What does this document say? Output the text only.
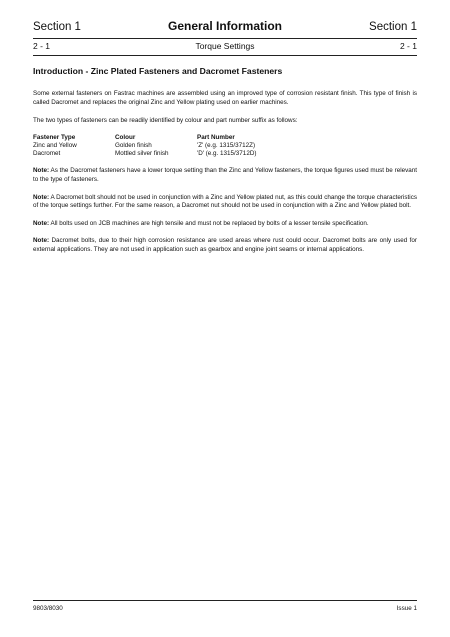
Section 1	General Information	Section 1
2 - 1	Torque Settings	2 - 1
Introduction - Zinc Plated Fasteners and Dacromet Fasteners

Some external fasteners on Fastrac machines are assembled using an improved type of corrosion resistant finish. This type of finish is called Dacromet and replaces the original Zinc and Yellow plating used on earlier machines.

The two types of fasteners can be readily identified by colour and part number suffix as follows:

Fastener Type	Colour	Part Number
Zinc and Yellow	Golden finish	'Z' (e.g. 1315/3712Z)
Dacromet	Mottled silver finish	'D' (e.g. 1315/3712D)

Note: As the Dacromet fasteners have a lower torque setting than the Zinc and Yellow fasteners, the torque figures used must be relevant to the type of fasteners.

Note: A Dacromet bolt should not be used in conjunction with a Zinc and Yellow plated nut, as this could change the torque characteristics of the torque settings further. For the same reason, a Dacromet nut should not be used in conjunction with a Zinc and Yellow plated bolt.

Note: All bolts used on JCB machines are high tensile and must not be replaced by bolts of a lesser tensile specification.

Note: Dacromet bolts, due to their high corrosion resistance are used areas where rust could occur. Dacromet bolts are only used for external applications. They are not used in application such as gearbox and engine joint seams or internal applications.

9803/8030	Issue 1
